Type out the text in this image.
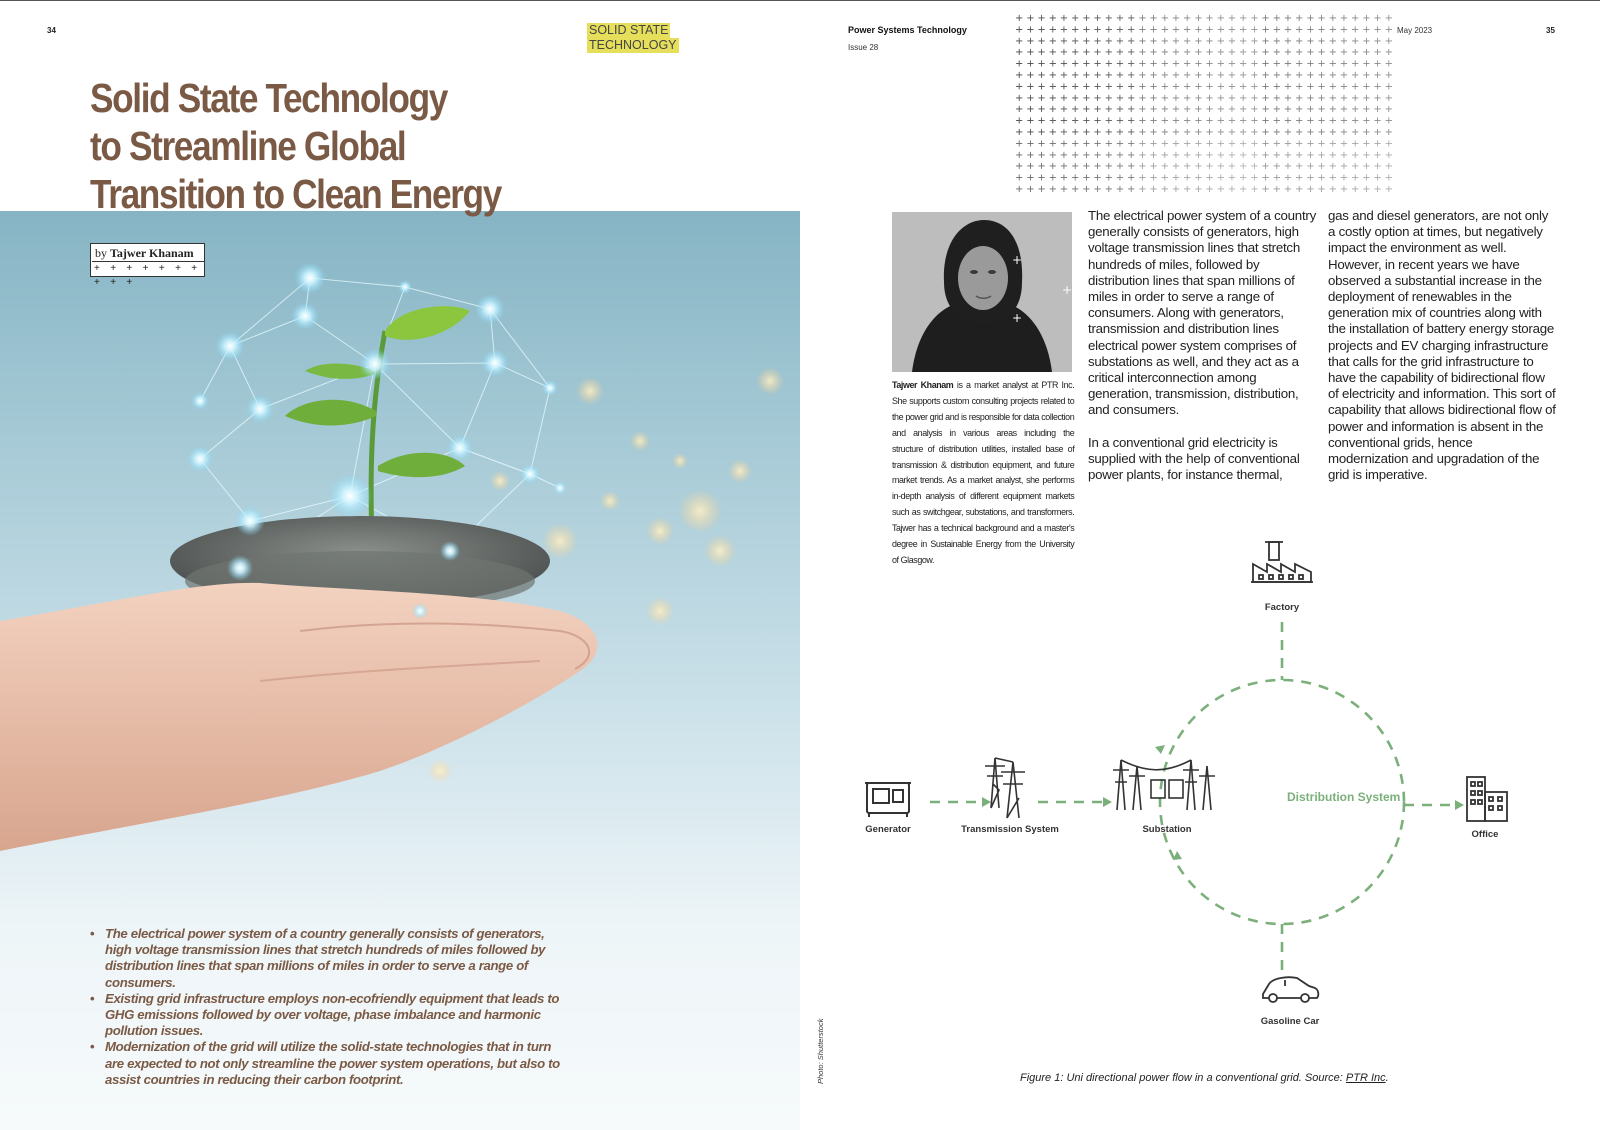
34	SOLID STATE
TECHNOLOGY
Solid State Technology
to Streamline Global
Transition to Clean Energy
by Tajwer Khanam
+ + + + + + + + + +
• The electrical power system of a country generally consists of generators, high voltage transmission lines that stretch hundreds of miles followed by distribution lines that span millions of miles in order to serve a range of consumers.
• Existing grid infrastructure employs non-ecofriendly equipment that leads to GHG emissions followed by over voltage, phase imbalance and harmonic pollution issues.
• Modernization of the grid will utilize the solid-state technologies that in turn are expected to not only streamline the power system operations, but also to assist countries in reducing their carbon footprint.	Photo: Shutterstock
Power Systems Technology
Issue 28
May 2023	35
+ + + + + + + + + + + + + + + + + + + + + + + + + + + + + + + + + +
+ + + + + + + + + + + + + + + + + + + + + + + + + + + + + + + + + +
+ + + + + + + + + + + + + + + + + + + + + + + + + + + + + + + + + +
+ + + + + + + + + + + + + + + + + + + + + + + + + + + + + + + + + +
+ + + + + + + + + + + + + + + + + + + + + + + + + + + + + + + + + +
+ + + + + + + + + + + + + + + + + + + + + + + + + + + + + + + + + +
+ + + + + + + + + + + + + + + + + + + + + + + + + + + + + + + + + +
+ + + + + + + + + + + + + + + + + + + + + + + + + + + + + + + + + +
+ + + + + + + + + + + + + + + + + + + + + + + + + + + + + + + + + +
+ + + + + + + + + + + + + + + + + + + + + + + + + + + + + + + + + +
+ + + + + + + + + + + + + + + + + + + + + + + + + + + + + + + + + +
+ + + + + + + + + + + + + + + + + + + + + + + + + + + + + + + + + +
+ + + + + + + + + + + + + + + + + + + + + + + + + + + + + + + + + +
+ + + + + + + + + + + + + + + + + + + + + + + + + + + + + + + + + +
+ + + + + + + + + + + + + + + + + + + + + + + + + + + + + + + + + +
+ + + + + + + + + + + + + + + + + + + + + + + + + + + + + + + + + +
+
+
+
Tajwer Khanam is a market analyst at PTR Inc. She supports custom consulting projects related to the power grid and is responsible for data collection and analysis in various areas including the structure of distribution utilities, installed base of transmission & distribution equipment, and future market trends. As a market analyst, she performs in-depth analysis of different equipment markets such as switchgear, substations, and transformers. Tajwer has a technical background and a master's degree in Sustainable Energy from the University of Glasgow.

The electrical power system of a country generally consists of generators, high voltage transmission lines that stretch hundreds of miles, followed by distribution lines that span millions of miles in order to serve a range of consumers. Along with generators, transmission and distribution lines electrical power system comprises of substations as well, and they act as a critical interconnection among generation, transmission, distribution, and consumers.

In a conventional grid electricity is supplied with the help of conventional power plants, for instance thermal,

gas and diesel generators, are not only a costly option at times, but negatively impact the environment as well. However, in recent years we have observed a substantial increase in the deployment of renewables in the generation mix of countries along with the installation of battery energy storage projects and EV charging infrastructure that calls for the grid infrastructure to have the capability of bidirectional flow of electricity and information. This sort of capability that allows bidirectional flow of power and information is absent in the conventional grids, hence modernization and upgradation of the grid is imperative.

Generator	Transmission System	Substation
Distribution System
Factory
Office
Gasoline Car
Figure 1: Uni directional power flow in a conventional grid. Source: PTR Inc.
